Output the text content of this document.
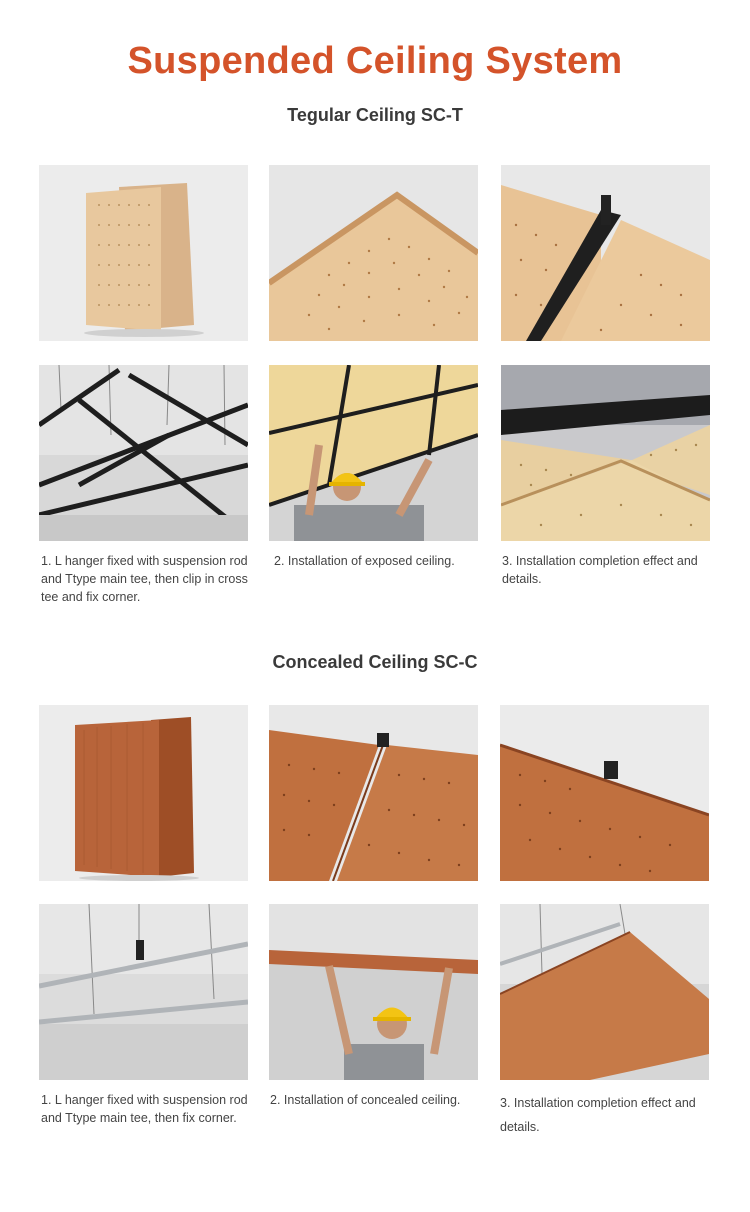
Suspended Ceiling System
Tegular Ceiling SC-T
1. L hanger fixed with suspension rod and Ttype main tee, then clip in cross tee and fix corner.
2. Installation of exposed ceiling.	3. Installation completion effect and details.
Concealed Ceiling SC-C
1. L hanger fixed with suspension rod and Ttype main tee, then fix corner.
2. Installation of concealed ceiling.	3. Installation completion effect and details.
